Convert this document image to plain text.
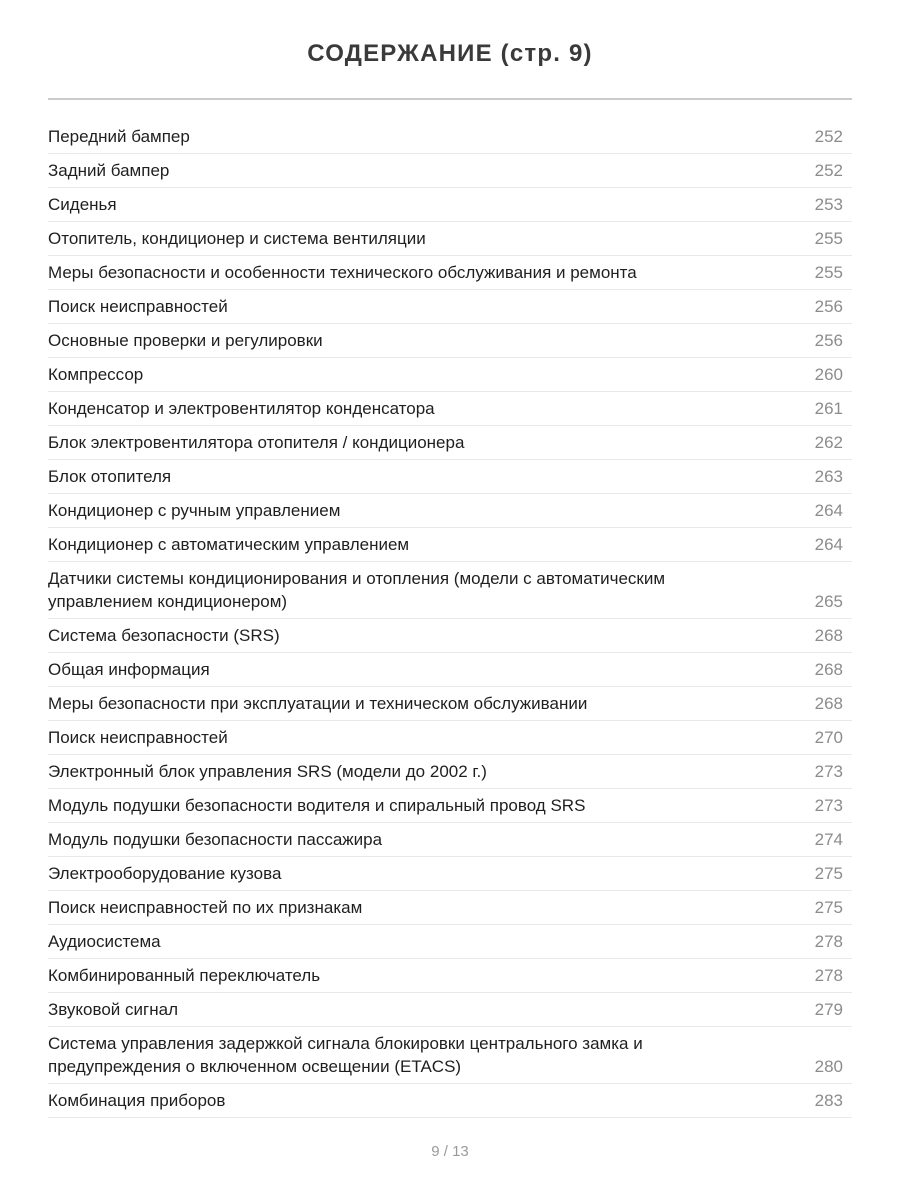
СОДЕРЖАНИЕ (стр. 9)
Передний бампер	252
Задний бампер	252
Сиденья	253
Отопитель, кондиционер и система вентиляции	255
Меры безопасности и особенности технического обслуживания и ремонта	255
Поиск неисправностей	256
Основные проверки и регулировки	256
Компрессор	260
Конденсатор и электровентилятор конденсатора	261
Блок электровентилятора отопителя / кондиционера	262
Блок отопителя	263
Кондиционер с ручным управлением	264
Кондиционер с автоматическим управлением	264
Датчики системы кондиционирования и отопления (модели с автоматическим управлением кондиционером)	265
Система безопасности (SRS)	268
Общая информация	268
Меры безопасности при эксплуатации и техническом обслуживании	268
Поиск неисправностей	270
Электронный блок управления SRS (модели до 2002 г.)	273
Модуль подушки безопасности водителя и спиральный провод SRS	273
Модуль подушки безопасности пассажира	274
Электрооборудование кузова	275
Поиск неисправностей по их признакам	275
Аудиосистема	278
Комбинированный переключатель	278
Звуковой сигнал	279
Система управления задержкой сигнала блокировки центрального замка и предупреждения о включенном освещении (ETACS)	280
Комбинация приборов	283
9 / 13
